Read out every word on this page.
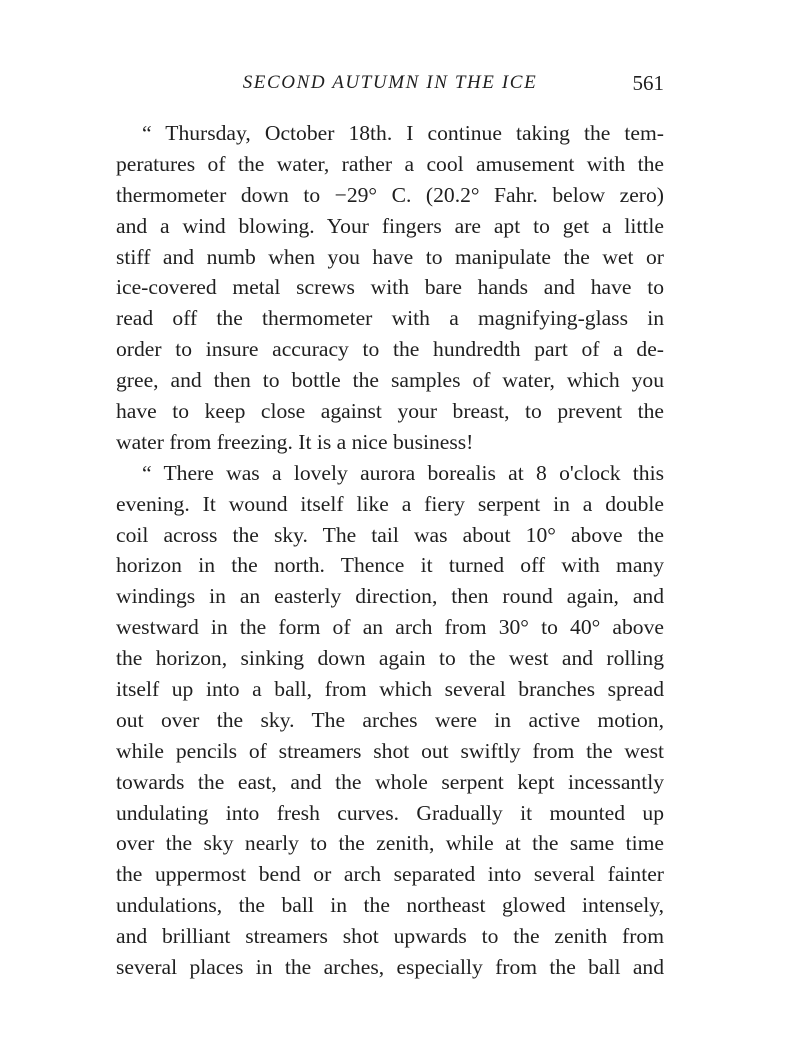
SECOND AUTUMN IN THE ICE	561
“ Thursday, October 18th. I continue taking the tem-
peratures of the water, rather a cool amusement with the
thermometer down to −29° C. (20.2° Fahr. below zero)
and a wind blowing. Your fingers are apt to get a little
stiff and numb when you have to manipulate the wet or
ice-covered metal screws with bare hands and have to
read off the thermometer with a magnifying-glass in
order to insure accuracy to the hundredth part of a de-
gree, and then to bottle the samples of water, which you
have to keep close against your breast, to prevent the
water from freezing. It is a nice business!
“ There was a lovely aurora borealis at 8 o'clock this
evening. It wound itself like a fiery serpent in a double
coil across the sky. The tail was about 10° above the
horizon in the north. Thence it turned off with many
windings in an easterly direction, then round again, and
westward in the form of an arch from 30° to 40° above
the horizon, sinking down again to the west and rolling
itself up into a ball, from which several branches spread
out over the sky. The arches were in active motion,
while pencils of streamers shot out swiftly from the west
towards the east, and the whole serpent kept incessantly
undulating into fresh curves. Gradually it mounted up
over the sky nearly to the zenith, while at the same time
the uppermost bend or arch separated into several fainter
undulations, the ball in the northeast glowed intensely,
and brilliant streamers shot upwards to the zenith from
several places in the arches, especially from the ball and
